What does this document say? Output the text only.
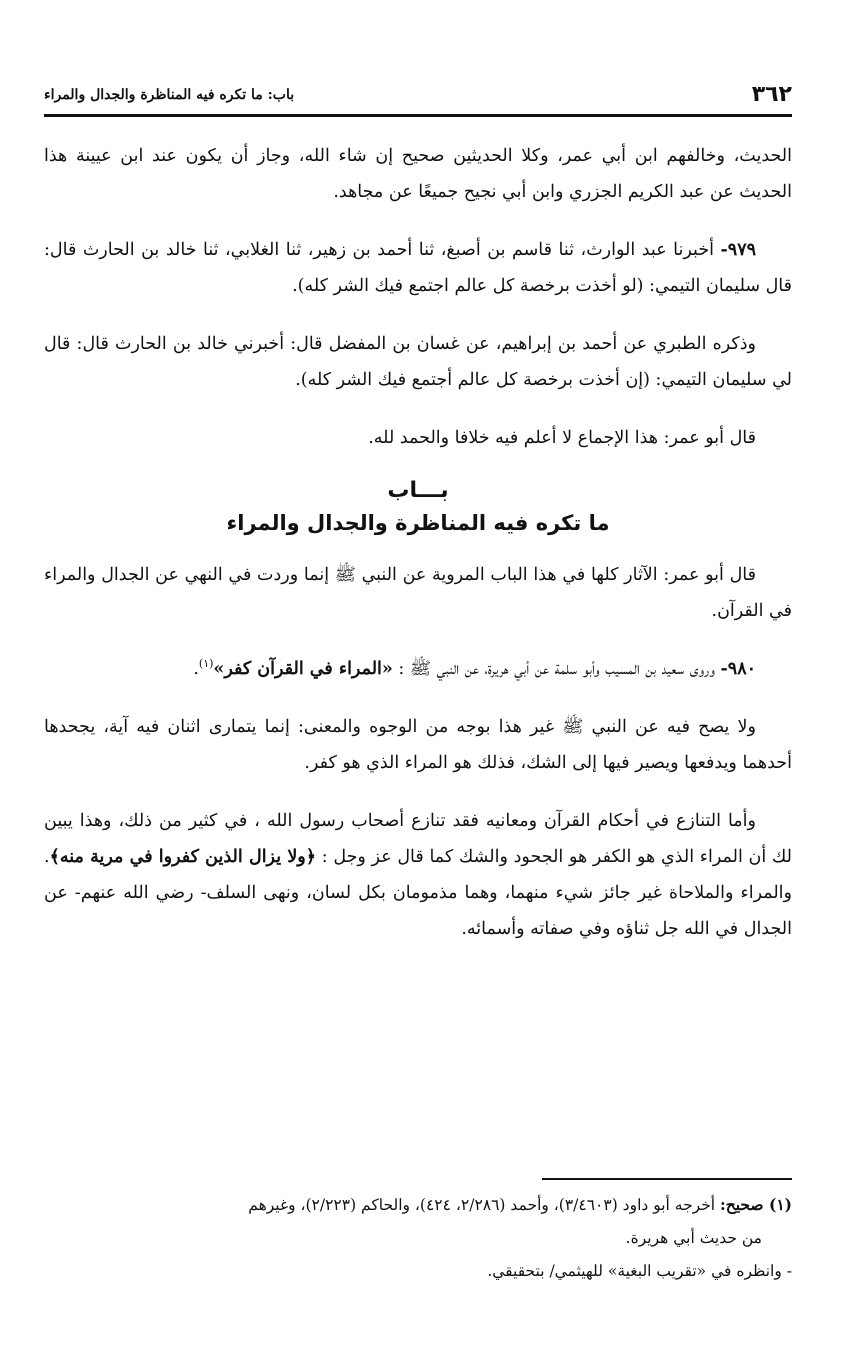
٣٦٢
باب: ما تكره فيه المناظرة والجدال والمراء

الحديث، وخالفهم ابن أبي عمر، وكلا الحديثين صحيح إن شاء الله، وجاز أن يكون عند ابن عيينة هذا الحديث عن عبد الكريم الجزري وابن أبي نجيح جميعًا عن مجاهد.

٩٧٩- أخبرنا عبد الوارث، ثنا قاسم بن أصبغ، ثنا أحمد بن زهير، ثنا الغلابي، ثنا خالد بن الحارث قال: قال سليمان التيمي: (لو أخذت برخصة كل عالم اجتمع فيك الشر كله).

وذكره الطبري عن أحمد بن إبراهيم، عن غسان بن المفضل قال: أخبرني خالد بن الحارث قال: قال لي سليمان التيمي: (إن أخذت برخصة كل عالم أجتمع فيك الشر كله).

قال أبو عمر: هذا الإجماع لا أعلم فيه خلافا والحمد لله.

بـــاب
ما تكره فيه المناظرة والجدال والمراء

قال أبو عمر: الآثار كلها في هذا الباب المروية عن النبي ﷺ إنما وردت في النهي عن الجدال والمراء في القرآن.

٩٨٠- وروى سعيد بن المسيب وأبو سلمة عن أبي هريرة، عن النبي ﷺ : «المراء في القرآن كفر»$^{(١)}$.

ولا يصح فيه عن النبي ﷺ غير هذا بوجه من الوجوه والمعنى: إنما يتمارى اثنان فيه آية، يجحدها أحدهما ويدفعها ويصير فيها إلى الشك، فذلك هو المراء الذي هو كفر.

وأما التنازع في أحكام القرآن ومعانيه فقد تنازع أصحاب رسول الله ، في كثير من ذلك، وهذا يبين لك أن المراء الذي هو الكفر هو الجحود والشك كما قال عز وجل : ﴿ولا يزال الذين كفروا في مرية منه﴾. والمراء والملاحاة غير جائز شيء منهما، وهما مذمومان بكل لسان، ونهى السلف- رضي الله عنهم- عن الجدال في الله جل ثناؤه وفي صفاته وأسمائه.

(١) صحيح: أخرجه أبو داود (٣/٤٦٠٣)، وأحمد (٢/٢٨٦، ٤٢٤)، والحاكم (٢/٢٢٣)، وغيرهم
من حديث أبي هريرة.

- وانظره في «تقريب البغية» للهيثمي/ بتحقيقي.
